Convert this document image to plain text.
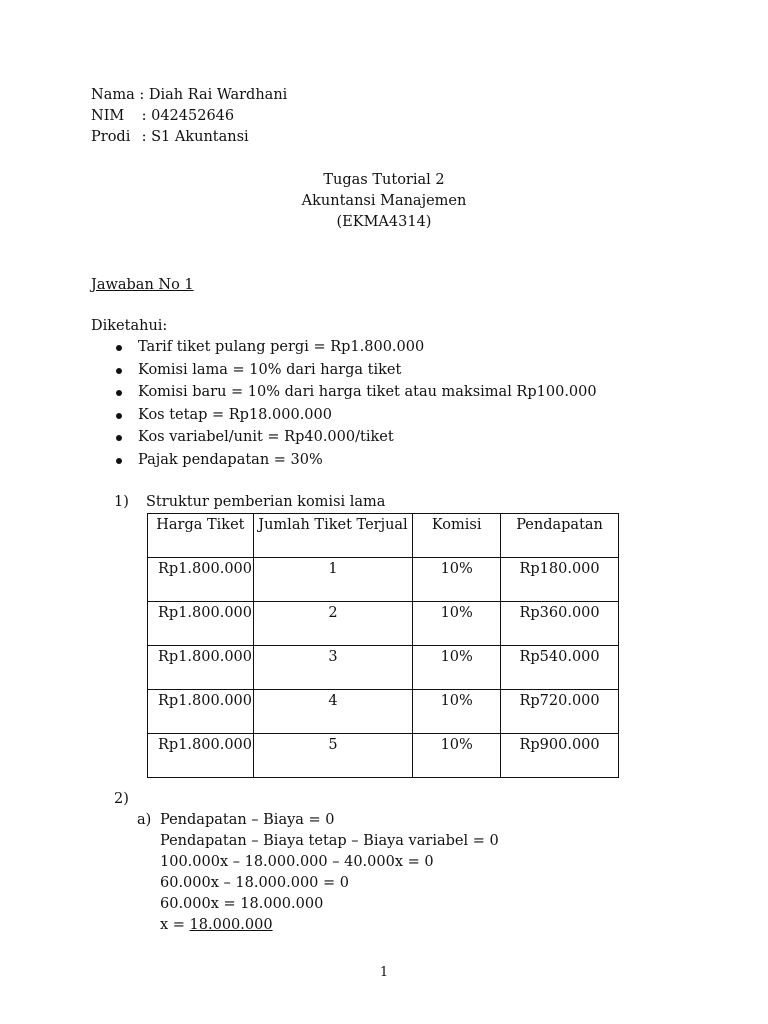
Nama : Diah Rai Wardhani
NIM : 042452646
Prodi : S1 Akuntansi
Tugas Tutorial 2
Akuntansi Manajemen
(EKMA4314)
Jawaban No 1
Diketahui:
Tarif tiket pulang pergi = Rp1.800.000
Komisi lama = 10% dari harga tiket
Komisi baru = 10% dari harga tiket atau maksimal Rp100.000
Kos tetap = Rp18.000.000
Kos variabel/unit = Rp40.000/tiket
Pajak pendapatan = 30%
1) Struktur pemberian komisi lama
Harga Tiket	Jumlah Tiket Terjual	Komisi	Pendapatan
Rp1.800.000	1	10%	Rp180.000
Rp1.800.000	2	10%	Rp360.000
Rp1.800.000	3	10%	Rp540.000
Rp1.800.000	4	10%	Rp720.000
Rp1.800.000	5	10%	Rp900.000
2)
a) Pendapatan – Biaya = 0
Pendapatan – Biaya tetap – Biaya variabel = 0
100.000x – 18.000.000 – 40.000x = 0
60.000x – 18.000.000 = 0
60.000x = 18.000.000
x = 18.000.000
1
